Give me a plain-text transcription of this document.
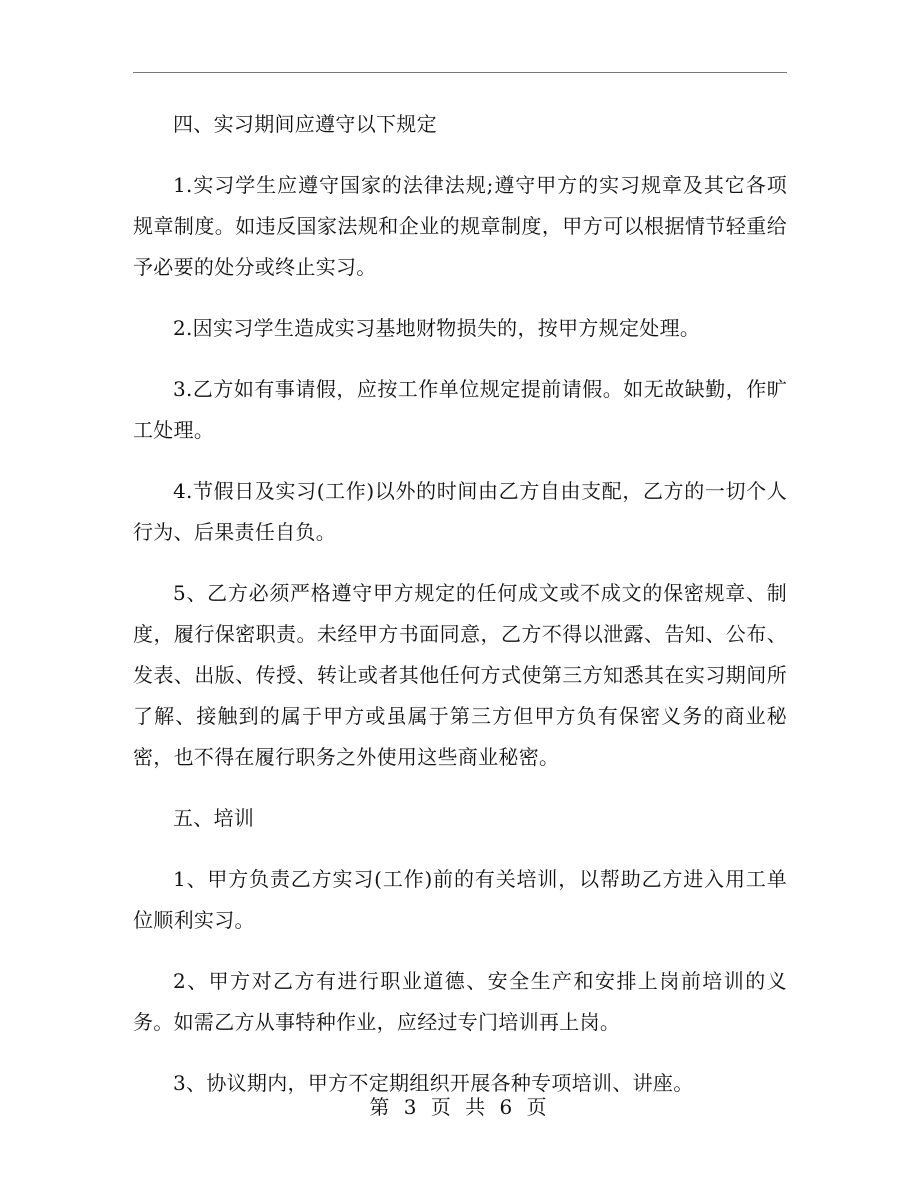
四、实习期间应遵守以下规定

1.实习学生应遵守国家的法律法规;遵守甲方的实习规章及其它各项规章制度。如违反国家法规和企业的规章制度，甲方可以根据情节轻重给予必要的处分或终止实习。

2.因实习学生造成实习基地财物损失的，按甲方规定处理。

3.乙方如有事请假，应按工作单位规定提前请假。如无故缺勤，作旷工处理。

4.节假日及实习(工作)以外的时间由乙方自由支配，乙方的一切个人行为、后果责任自负。

5、乙方必须严格遵守甲方规定的任何成文或不成文的保密规章、制度，履行保密职责。未经甲方书面同意，乙方不得以泄露、告知、公布、发表、出版、传授、转让或者其他任何方式使第三方知悉其在实习期间所了解、接触到的属于甲方或虽属于第三方但甲方负有保密义务的商业秘密，也不得在履行职务之外使用这些商业秘密。

五、培训

1、甲方负责乙方实习(工作)前的有关培训，以帮助乙方进入用工单位顺利实习。

2、甲方对乙方有进行职业道德、安全生产和安排上岗前培训的义务。如需乙方从事特种作业，应经过专门培训再上岗。

3、协议期内，甲方不定期组织开展各种专项培训、讲座。

第 3 页 共 6 页
